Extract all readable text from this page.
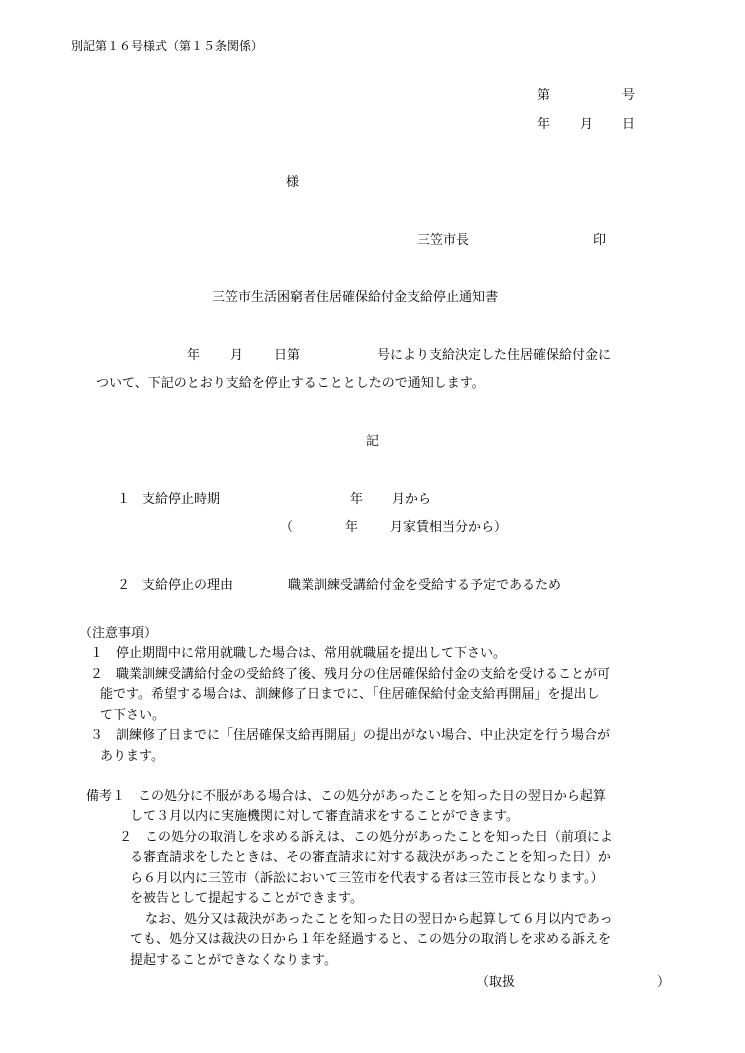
別記第１６号様式（第１５条関係）
第	号
年 月 日
様
三笠市長	印
三笠市生活困窮者住居確保給付金支給停止通知書
年 月 日第	号により支給決定した住居確保給付金に
ついて、下記のとおり支給を停止することとしたので通知します。
記
１ 支給停止時期	年 月から
（	年 月家賃相当分から）
２ 支給停止の理由	職業訓練受講給付金を受給する予定であるため
（注意事項）
１　停止期間中に常用就職した場合は、常用就職届を提出して下さい。
２　職業訓練受講給付金の受給終了後、残月分の住居確保給付金の支給を受けることが可
能です。希望する場合は、訓練修了日までに、「住居確保給付金支給再開届」を提出し
て下さい。
３　訓練修了日までに「住居確保支給再開届」の提出がない場合、中止決定を行う場合が
あります。
備考１　この処分に不服がある場合は、この処分があったことを知った日の翌日から起算
して３月以内に実施機関に対して審査請求をすることができます。
２　この処分の取消しを求める訴えは、この処分があったことを知った日（前項によ
る審査請求をしたときは、その審査請求に対する裁決があったことを知った日）か
ら６月以内に三笠市（訴訟において三笠市を代表する者は三笠市長となります。）
を被告として提起することができます。
なお、処分又は裁決があったことを知った日の翌日から起算して６月以内であっ
ても、処分又は裁決の日から１年を経過すると、この処分の取消しを求める訴えを
提起することができなくなります。
（取扱	）
